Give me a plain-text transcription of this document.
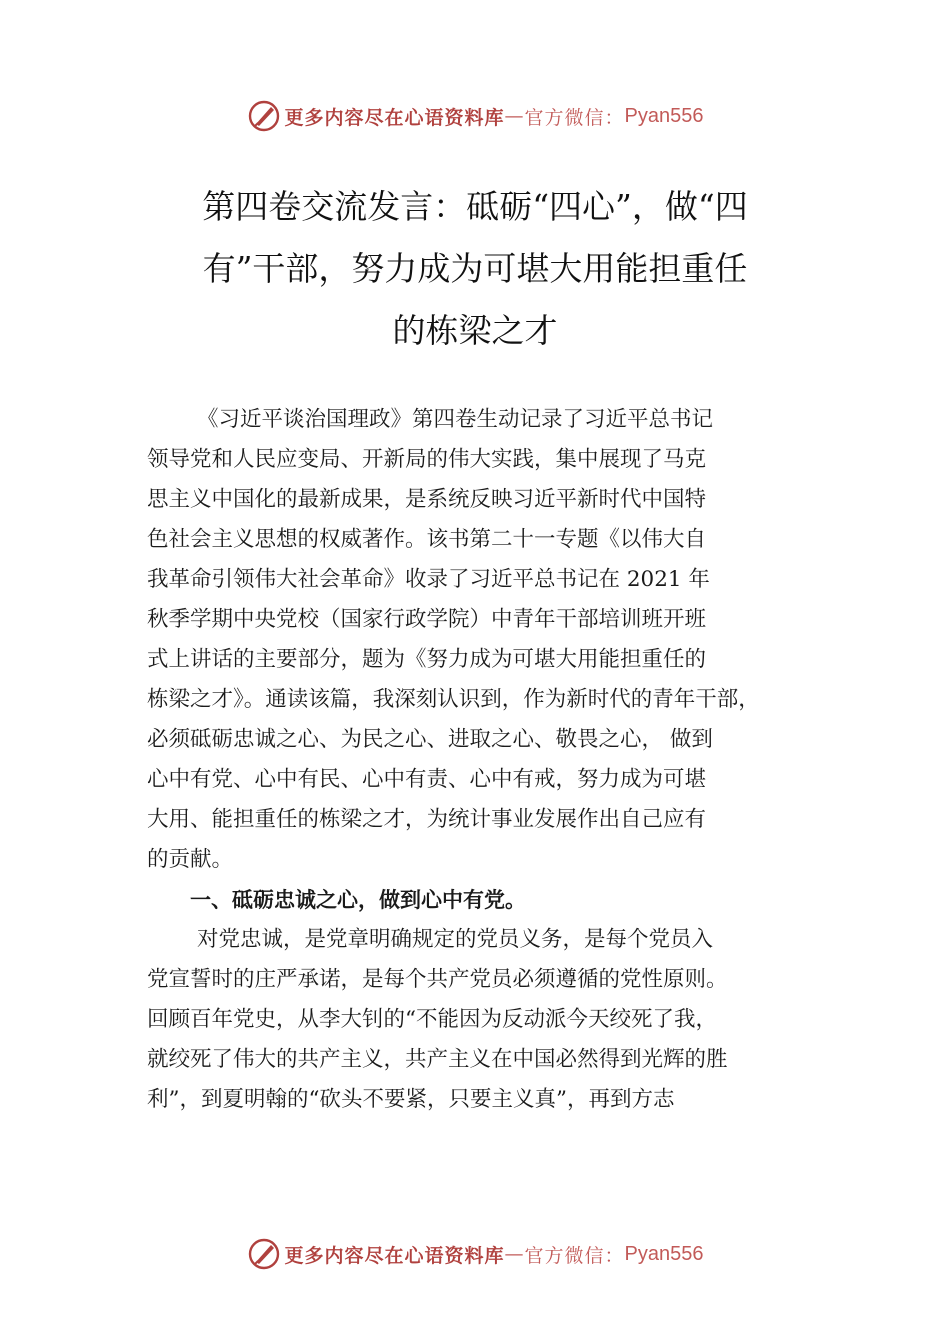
更多内容尽在心语资料库 — 官方微信： Pyan556
第四卷交流发言：砥砺“四心”，做“四
有”干部，努力成为可堪大用能担重任
的栋梁之才
《习近平谈治国理政》第四卷生动记录了习近平总书记
领导党和人民应变局、开新局的伟大实践，集中展现了马克
思主义中国化的最新成果，是系统反映习近平新时代中国特
色社会主义思想的权威著作。该书第二十一专题《以伟大自
我革命引领伟大社会革命》收录了习近平总书记在 2021 年
秋季学期中央党校（国家行政学院）中青年干部培训班开班
式上讲话的主要部分，题为《努力成为可堪大用能担重任的
栋梁之才》。通读该篇，我深刻认识到，作为新时代的青年干部，
必须砥砺忠诚之心、为民之心、进取之心、敬畏之心， 做到
心中有党、心中有民、心中有责、心中有戒，努力成为可堪
大用、能担重任的栋梁之才，为统计事业发展作出自己应有
的贡献。
一、砥砺忠诚之心，做到心中有党。
对党忠诚，是党章明确规定的党员义务，是每个党员入
党宣誓时的庄严承诺，是每个共产党员必须遵循的党性原则。
回顾百年党史，从李大钊的“不能因为反动派今天绞死了我，
就绞死了伟大的共产主义，共产主义在中国必然得到光辉的胜
利”，到夏明翰的“砍头不要紧，只要主义真”，再到方志
更多内容尽在心语资料库 — 官方微信： Pyan556
